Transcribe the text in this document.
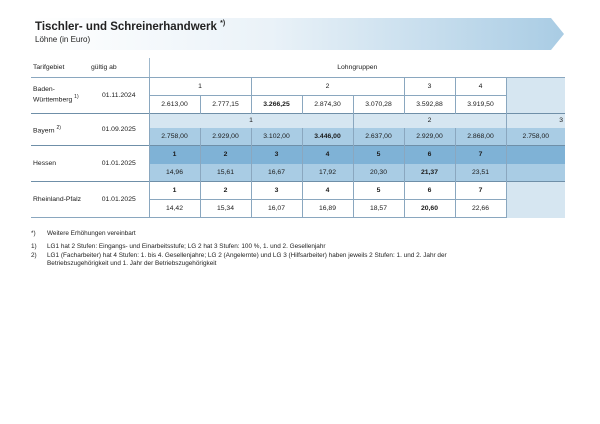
Tischler- und Schreinerhandwerk *)
Löhne (in Euro)
Tarifgebiet	gültig ab	Lohngruppen							
Baden-Württemberg $^{1)}$	01.11.2024	1		2			3	4	
		2.613,00	2.777,15	3.266,25	2.874,30	3.070,28	3.592,88	3.919,50	
Bayern $^{2)}$	01.09.2025	1				2			3
		2.758,00	2.929,00	3.102,00	3.446,00	2.637,00	2.929,00	2.868,00	2.758,00
Hessen	01.01.2025	1	2	3	4	5	6	7	
		14,96	15,61	16,67	17,92	20,30	21,37	23,51	
Rheinland-Pfalz	01.01.2025	1	2	3	4	5	6	7	
		14,42	15,34	16,07	16,89	18,57	20,60	22,66	
*)	Weitere Erhöhungen vereinbart
1)	LG1 hat 2 Stufen: Eingangs- und Einarbeitsstufe; LG 2 hat 3 Stufen: 100 %, 1. und 2. Gesellenjahr
2)	LG1 (Facharbeiter) hat 4 Stufen: 1. bis 4. Gesellenjahre; LG 2 (Angelernte) und LG 3 (Hilfsarbeiter) haben jeweils 2 Stufen: 1. und 2. Jahr der
Betriebszugehörigkeit und 1. Jahr der Betriebszugehörigkeit
